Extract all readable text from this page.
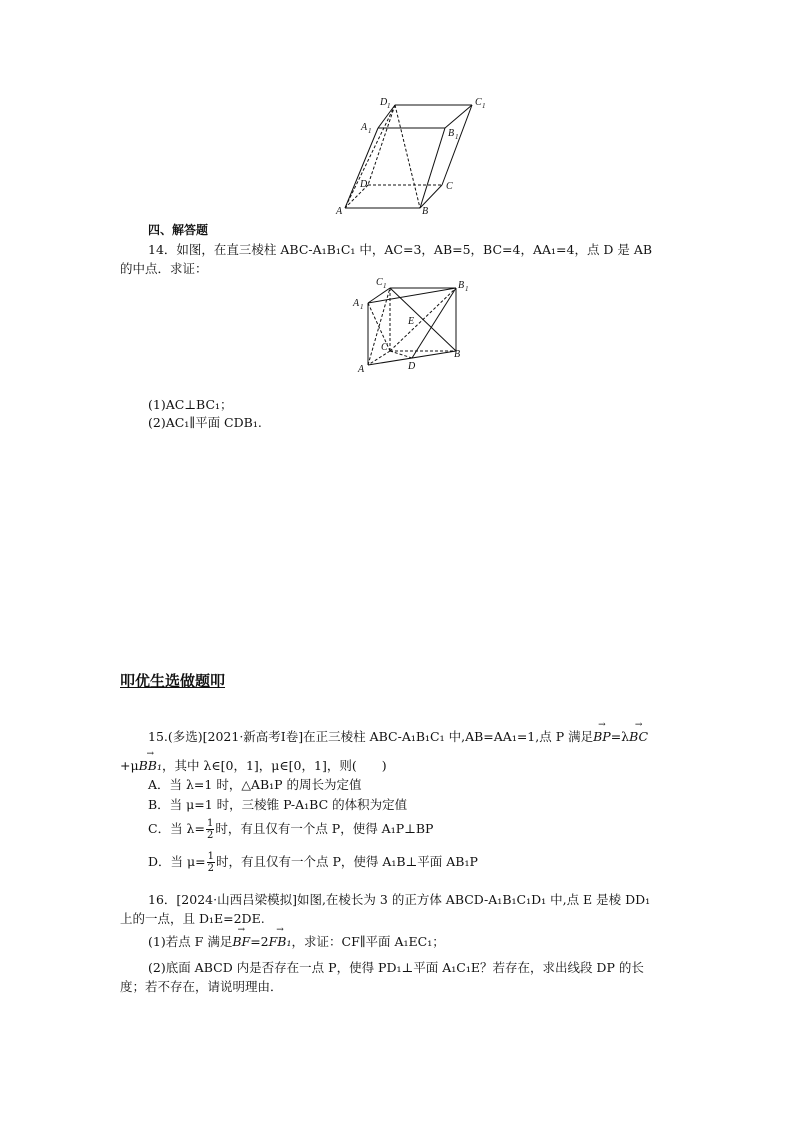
D 1	C 1
A 1	B 1
D	C
A	B
四、解答题
14．如图，在直三棱柱 ABC-A₁B₁C₁ 中，AC=3，AB=5，BC=4，AA₁=4，点 D 是 AB
的中点．求证：
C 1	B 1
A 1
E
C
B
A	D
(1)AC⊥BC₁；
(2)AC₁∥平面 CDB₁.
叩优生选做题叩
15.(多选)[2021·新高考Ⅰ卷]在正三棱柱 ABC-A₁B₁C₁ 中,AB=AA₁=1,点 P 满足→ BP=λ→ BC
+μ→ BB₁，其中 λ∈[0，1]，μ∈[0，1]，则(　　)
A．当 λ=1 时，△AB₁P 的周长为定值
B．当 μ=1 时，三棱锥 P-A₁BC 的体积为定值
C．当 $\lambda= \frac{1}{2}$ 时，有且仅有一个点 P，使得 A₁P⊥BP
D．当 $\mu= \frac{1}{2}$ 时，有且仅有一个点 P，使得 A₁B⊥平面 AB₁P
16．[2024·山西吕梁模拟]如图,在棱长为 3 的正方体 ABCD-A₁B₁C₁D₁ 中,点 E 是棱 DD₁
上的一点，且 D₁E=2DE.
(1)若点 F 满足→ BF=2→ FB₁，求证：CF∥平面 A₁EC₁；
(2)底面 ABCD 内是否存在一点 P，使得 PD₁⊥平面 A₁C₁E？若存在，求出线段 DP 的长
度；若不存在，请说明理由．
